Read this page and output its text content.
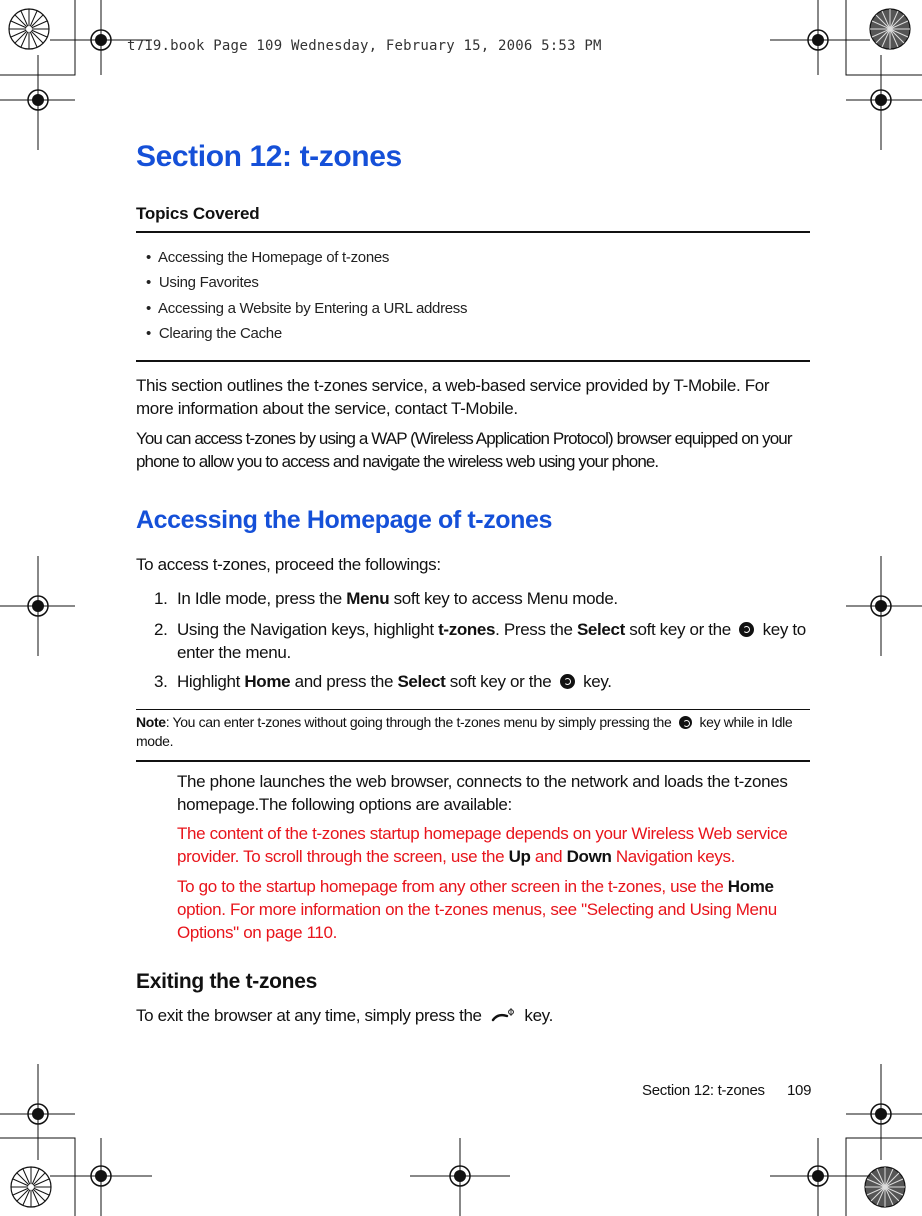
t719.book Page 109 Wednesday, February 15, 2006 5:53 PM
Section 12: t-zones
Topics Covered
• Accessing the Homepage of t-zones
• Using Favorites
• Accessing a Website by Entering a URL address
• Clearing the Cache
This section outlines the t-zones service, a web-based service provided by T-Mobile. For more information about the service, contact T-Mobile.
You can access t-zones by using a WAP (Wireless Application Protocol) browser equipped on your phone to allow you to access and navigate the wireless web using your phone.
Accessing the Homepage of t-zones
To access t-zones, proceed the followings:
1. In Idle mode, press the Menu soft key to access Menu mode.
2. Using the Navigation keys, highlight t-zones. Press the Select soft key or the  key to enter the menu.
3. Highlight Home and press the Select soft key or the  key.
Note: You can enter t-zones without going through the t-zones menu by simply pressing the  key while in Idle mode.
The phone launches the web browser, connects to the network and loads the t-zones homepage.The following options are available:
The content of the t-zones startup homepage depends on your Wireless Web service provider. To scroll through the screen, use the Up and Down Navigation keys.
To go to the startup homepage from any other screen in the t-zones, use the Home option. For more information on the t-zones menus, see "Selecting and Using Menu Options" on page 110.
Exiting the t-zones
To exit the browser at any time, simply press the  key.
Section 12: t-zones 109
